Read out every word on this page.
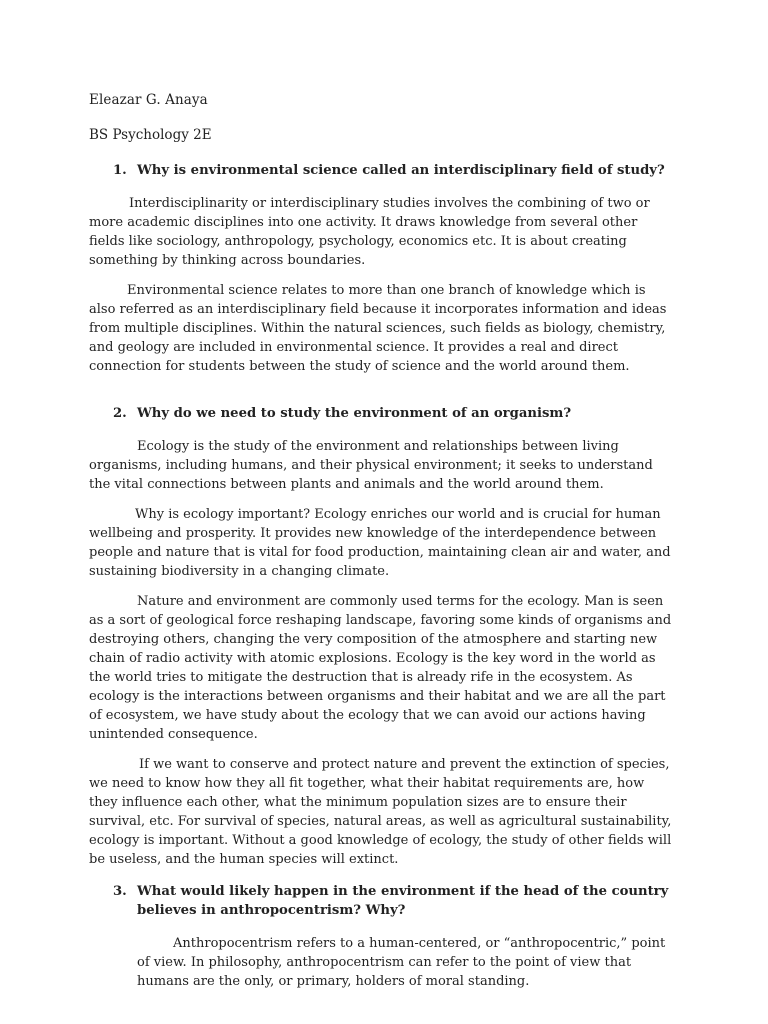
Eleazar G. Anaya

BS Psychology 2E

1. Why is environmental science called an interdisciplinary field of study?

Interdisciplinarity or interdisciplinary studies involves the combining of two or more academic disciplines into one activity. It draws knowledge from several other fields like sociology, anthropology, psychology, economics etc. It is about creating something by thinking across boundaries.

Environmental science relates to more than one branch of knowledge which is also referred as an interdisciplinary field because it incorporates information and ideas from multiple disciplines. Within the natural sciences, such fields as biology, chemistry, and geology are included in environmental science. It provides a real and direct connection for students between the study of science and the world around them.

2. Why do we need to study the environment of an organism?

Ecology is the study of the environment and relationships between living organisms, including humans, and their physical environment; it seeks to understand the vital connections between plants and animals and the world around them.

Why is ecology important? Ecology enriches our world and is crucial for human wellbeing and prosperity. It provides new knowledge of the interdependence between people and nature that is vital for food production, maintaining clean air and water, and sustaining biodiversity in a changing climate.

Nature and environment are commonly used terms for the ecology. Man is seen as a sort of geological force reshaping landscape, favoring some kinds of organisms and destroying others, changing the very composition of the atmosphere and starting new chain of radio activity with atomic explosions. Ecology is the key word in the world as the world tries to mitigate the destruction that is already rife in the ecosystem. As ecology is the interactions between organisms and their habitat and we are all the part of ecosystem, we have study about the ecology that we can avoid our actions having unintended consequence.

If we want to conserve and protect nature and prevent the extinction of species, we need to know how they all fit together, what their habitat requirements are, how they influence each other, what the minimum population sizes are to ensure their survival, etc. For survival of species, natural areas, as well as agricultural sustainability, ecology is important. Without a good knowledge of ecology, the study of other fields will be useless, and the human species will extinct.

3. What would likely happen in the environment if the head of the country believes in anthropocentrism? Why?

Anthropocentrism refers to a human-centered, or “anthropocentric,” point of view. In philosophy, anthropocentrism can refer to the point of view that humans are the only, or primary, holders of moral standing.
